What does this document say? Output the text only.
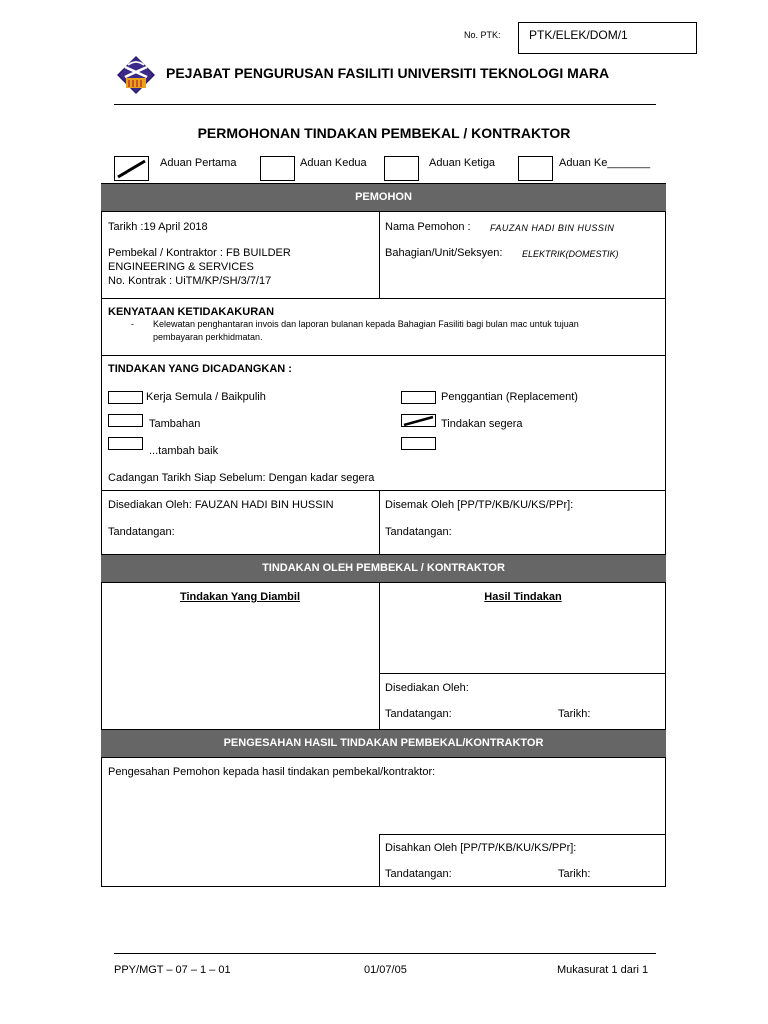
No. PTK: PTK/ELEK/DOM/1
PEJABAT PENGURUSAN FASILITI UNIVERSITI TEKNOLOGI MARA
PERMOHONAN TINDAKAN PEMBEKAL / KONTRAKTOR
Aduan Pertama	Aduan Kedua	Aduan Ketiga	Aduan Ke_______
PEMOHON
Tarikh :19 April 2018
Pembekal / Kontraktor : FB BUILDER
ENGINEERING & SERVICES
No. Kontrak : UiTM/KP/SH/3/7/17
Nama Pemohon : FAUZAN HADI BIN HUSSIN
Bahagian/Unit/Seksyen: ELEKTRIK(DOMESTIK)
KENYATAAN KETIDAKAKURAN
- Kelewatan penghantaran invois dan laporan bulanan kepada Bahagian Fasiliti bagi bulan mac untuk tujuan
pembayaran perkhidmatan.
TINDAKAN YANG DICADANGKAN :
Kerja Semula / Baikpulih
Tambahan
...tambah baik
Penggantian (Replacement)
Tindakan segera
Cadangan Tarikh Siap Sebelum: Dengan kadar segera
Disediakan Oleh: FAUZAN HADI BIN HUSSIN
Tandatangan:
Disemak Oleh [PP/TP/KB/KU/KS/PPr]:
Tandatangan:
TINDAKAN OLEH PEMBEKAL / KONTRAKTOR
Tindakan Yang Diambil	Hasil Tindakan
Disediakan Oleh:
Tandatangan:	Tarikh:
PENGESAHAN HASIL TINDAKAN PEMBEKAL/KONTRAKTOR
Pengesahan Pemohon kepada hasil tindakan pembekal/kontraktor:
Disahkan Oleh [PP/TP/KB/KU/KS/PPr]:
Tandatangan:	Tarikh:
PPY/MGT – 07 – 1 – 01	01/07/05	Mukasurat 1 dari 1
